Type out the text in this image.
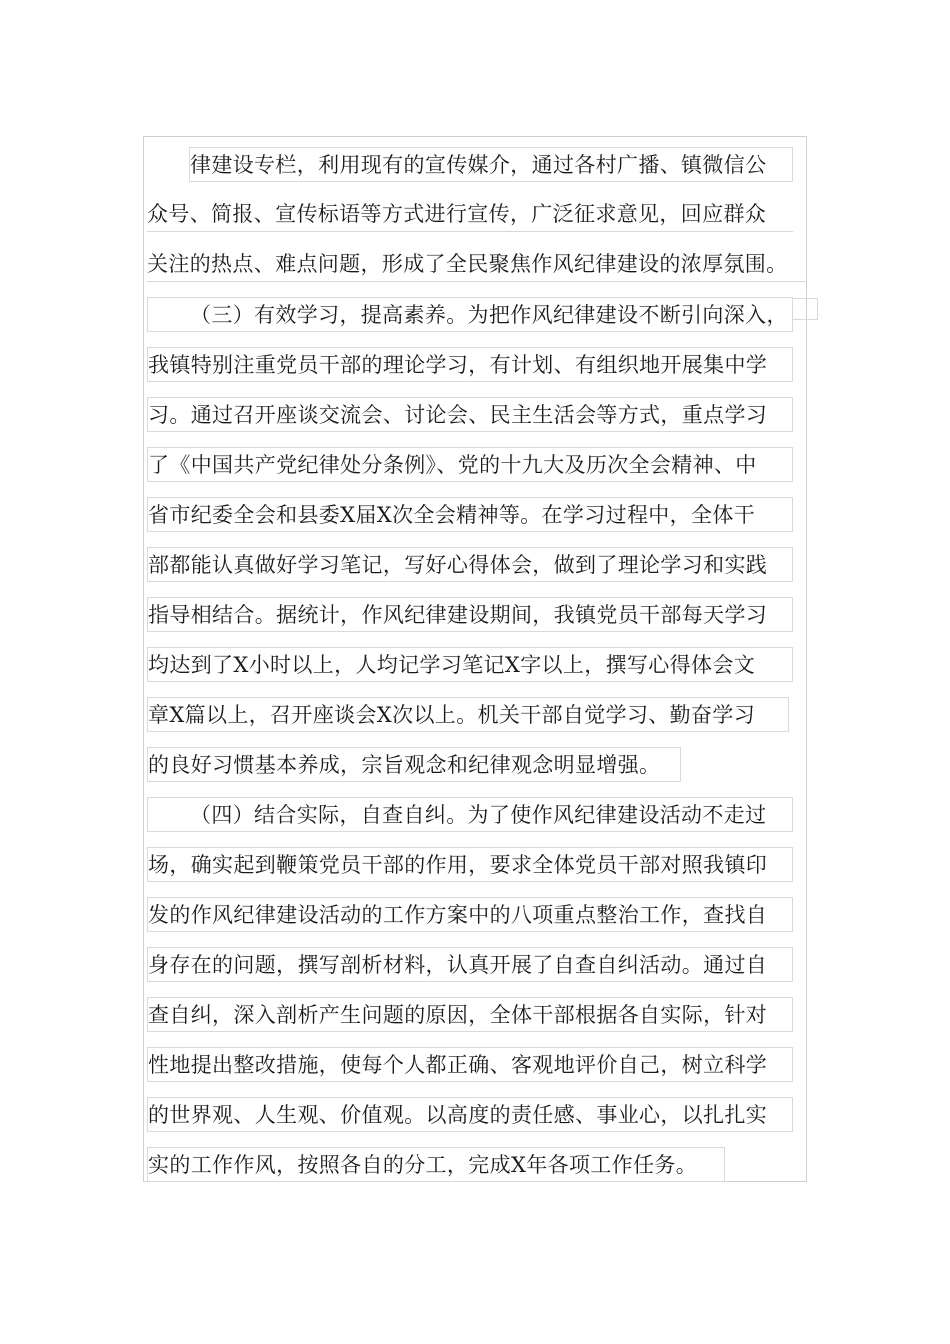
律建设专栏，利用现有的宣传媒介，通过各村广播、镇微信公
众号、简报、宣传标语等方式进行宣传，广泛征求意见，回应群众
关注的热点、难点问题，形成了全民聚焦作风纪律建设的浓厚氛围。
（三）有效学习，提高素养。为把作风纪律建设不断引向深入，
我镇特别注重党员干部的理论学习，有计划、有组织地开展集中学
习。通过召开座谈交流会、讨论会、民主生活会等方式，重点学习
了《中国共产党纪律处分条例》、党的十九大及历次全会精神、中
省市纪委全会和县委X届X次全会精神等。在学习过程中，全体干
部都能认真做好学习笔记，写好心得体会，做到了理论学习和实践
指导相结合。据统计，作风纪律建设期间，我镇党员干部每天学习
均达到了X小时以上，人均记学习笔记X字以上，撰写心得体会文
章X篇以上，召开座谈会X次以上。机关干部自觉学习、勤奋学习
的良好习惯基本养成，宗旨观念和纪律观念明显增强。
（四）结合实际，自查自纠。为了使作风纪律建设活动不走过
场，确实起到鞭策党员干部的作用，要求全体党员干部对照我镇印
发的作风纪律建设活动的工作方案中的八项重点整治工作，查找自
身存在的问题，撰写剖析材料，认真开展了自查自纠活动。通过自
查自纠，深入剖析产生问题的原因，全体干部根据各自实际，针对
性地提出整改措施，使每个人都正确、客观地评价自己，树立科学
的世界观、人生观、价值观。以高度的责任感、事业心，以扎扎实
实的工作作风，按照各自的分工，完成X年各项工作任务。
